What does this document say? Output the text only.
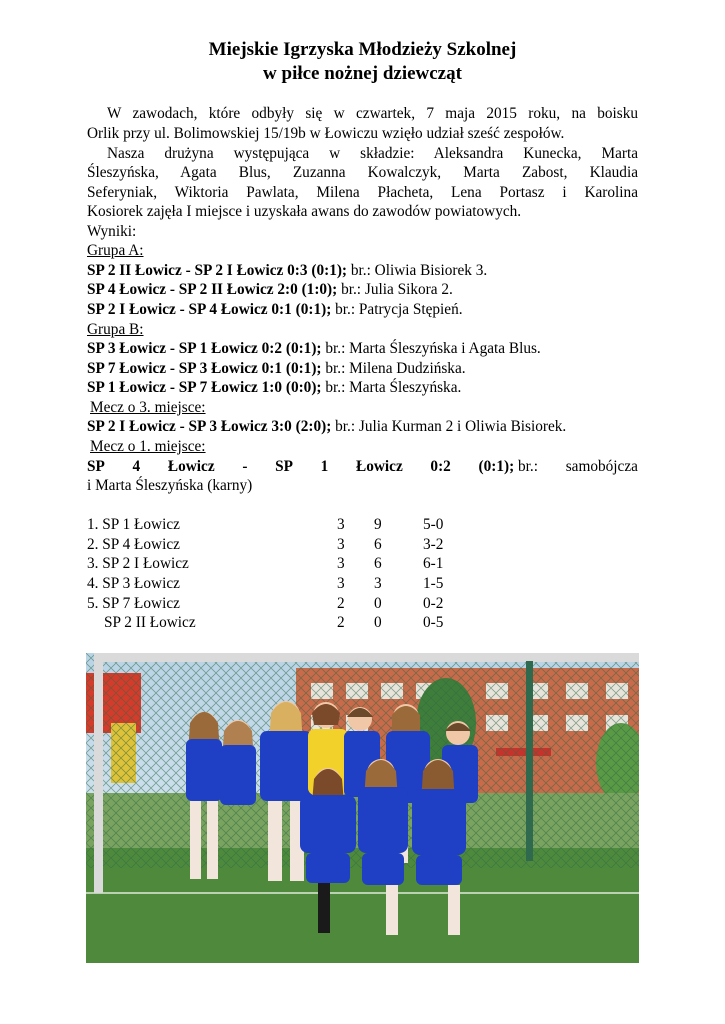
Miejskie Igrzyska Młodzieży Szkolnej
w piłce nożnej dziewcząt
W zawodach, które odbyły się w czwartek, 7 maja 2015 roku, na boisku
Orlik przy ul. Bolimowskiej 15/19b w Łowiczu wzięło udział sześć zespołów.
Nasza drużyna występująca w składzie: Aleksandra Kunecka, Marta
Śleszyńska, Agata Blus, Zuzanna Kowalczyk, Marta Zabost, Klaudia
Seferyniak, Wiktoria Pawlata, Milena Płacheta, Lena Portasz i Karolina
Kosiorek zajęła I miejsce i uzyskała awans do zawodów powiatowych.
Wyniki:
Grupa A:
SP 2 II Łowicz - SP 2 I Łowicz 0:3 (0:1); br.: Oliwia Bisiorek 3.
SP 4 Łowicz - SP 2 II Łowicz 2:0 (1:0); br.: Julia Sikora 2.
SP 2 I Łowicz - SP 4 Łowicz 0:1 (0:1); br.: Patrycja Stępień.
Grupa B:
SP 3 Łowicz - SP 1 Łowicz 0:2 (0:1); br.: Marta Śleszyńska i Agata Blus.
SP 7 Łowicz - SP 3 Łowicz 0:1 (0:1); br.: Milena Dudzińska.
SP 1 Łowicz - SP 7 Łowicz 1:0 (0:0); br.: Marta Śleszyńska.
Mecz o 3. miejsce:
SP 2 I Łowicz - SP 3 Łowicz 3:0 (2:0); br.: Julia Kurman 2 i Oliwia Bisiorek.
Mecz o 1. miejsce:
SP 4 Łowicz - SP 1 Łowicz 0:2 (0:1); br.: samobójcza
i Marta Śleszyńska (karny)
1. SP 1 Łowicz	3 9	5-0
2. SP 4 Łowicz	3 6	3-2
3. SP 2 I Łowicz	3 6	6-1
4. SP 3 Łowicz	3 3	1-5
5. SP 7 Łowicz	2 0	0-2
SP 2 II Łowicz	2 0	0-5
